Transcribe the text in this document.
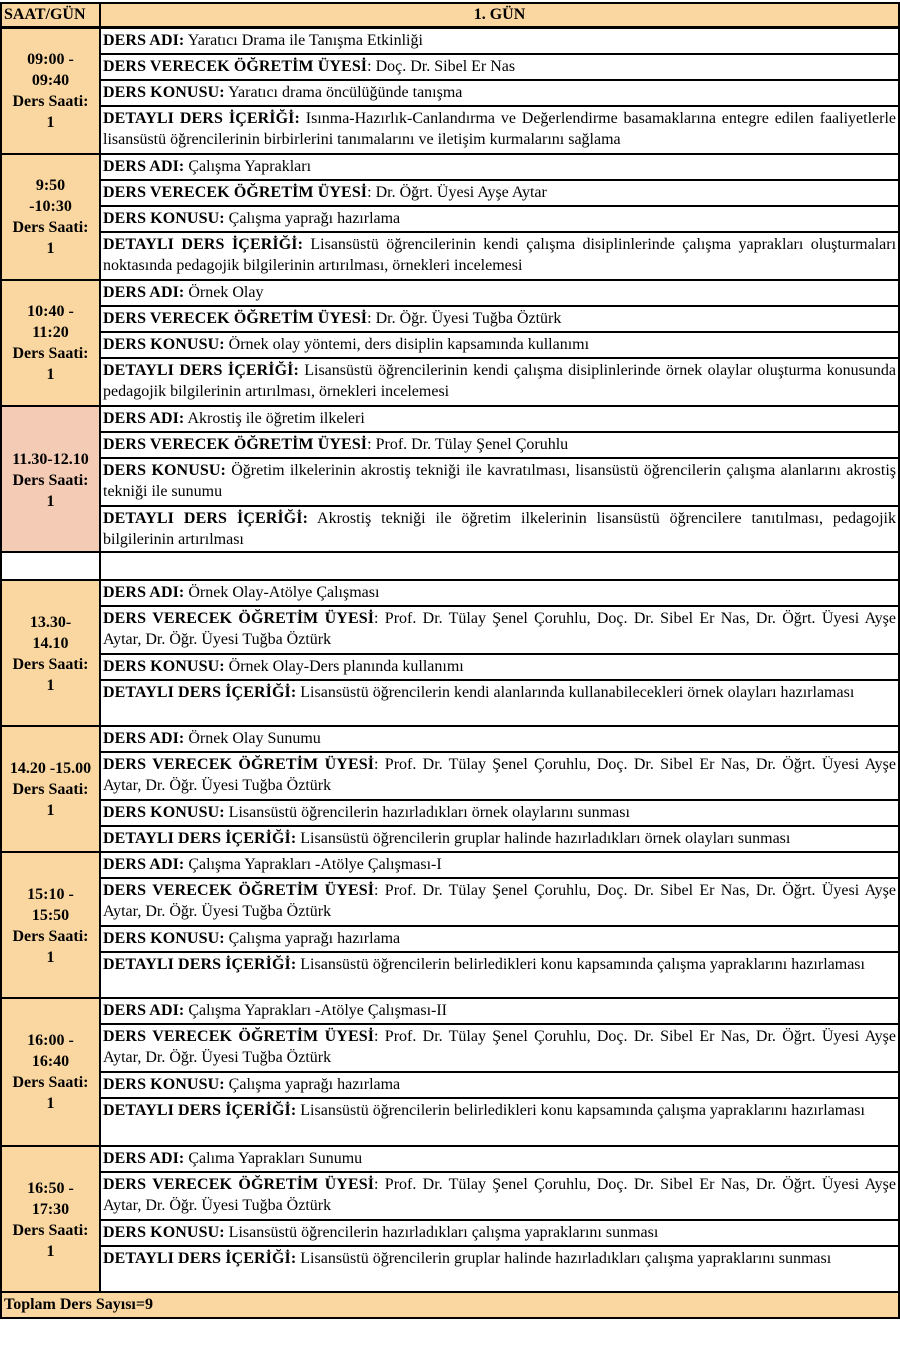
SAAT/GÜN	1. GÜN
09:00 -
09:40
Ders Saati:
1
DERS ADI: Yaratıcı Drama ile Tanışma Etkinliği
DERS VERECEK ÖĞRETİM ÜYESİ: Doç. Dr. Sibel Er Nas
DERS KONUSU: Yaratıcı drama öncülüğünde tanışma
DETAYLI DERS İÇERİĞİ: Isınma-Hazırlık-Canlandırma ve Değerlendirme basamaklarına entegre edilen faaliyetlerle lisansüstü öğrencilerinin birbirlerini tanımalarını ve iletişim kurmalarını sağlama
9:50
-10:30
Ders Saati:
1
DERS ADI: Çalışma Yaprakları
DERS VERECEK ÖĞRETİM ÜYESİ: Dr. Öğrt. Üyesi Ayşe Aytar
DERS KONUSU: Çalışma yaprağı hazırlama
DETAYLI DERS İÇERİĞİ: Lisansüstü öğrencilerinin kendi çalışma disiplinlerinde çalışma yaprakları oluşturmaları noktasında pedagojik bilgilerinin artırılması, örnekleri incelemesi
10:40 -
11:20
Ders Saati:
1
DERS ADI: Örnek Olay
DERS VERECEK ÖĞRETİM ÜYESİ: Dr. Öğr. Üyesi Tuğba Öztürk
DERS KONUSU: Örnek olay yöntemi, ders disiplin kapsamında kullanımı
DETAYLI DERS İÇERİĞİ: Lisansüstü öğrencilerinin kendi çalışma disiplinlerinde örnek olaylar oluşturma konusunda pedagojik bilgilerinin artırılması, örnekleri incelemesi
11.30-12.10
Ders Saati:
1
DERS ADI: Akrostiş ile öğretim ilkeleri
DERS VERECEK ÖĞRETİM ÜYESİ: Prof. Dr. Tülay Şenel Çoruhlu
DERS KONUSU: Öğretim ilkelerinin akrostiş tekniği ile kavratılması, lisansüstü öğrencilerin çalışma alanlarını akrostiş tekniği ile sunumu
DETAYLI DERS İÇERİĞİ: Akrostiş tekniği ile öğretim ilkelerinin lisansüstü öğrencilere tanıtılması, pedagojik bilgilerinin artırılması
13.30-
14.10
Ders Saati:
1
DERS ADI: Örnek Olay-Atölye Çalışması
DERS VERECEK ÖĞRETİM ÜYESİ: Prof. Dr. Tülay Şenel Çoruhlu, Doç. Dr. Sibel Er Nas, Dr. Öğrt. Üyesi Ayşe Aytar, Dr. Öğr. Üyesi Tuğba Öztürk
DERS KONUSU: Örnek Olay-Ders planında kullanımı
DETAYLI DERS İÇERİĞİ: Lisansüstü öğrencilerin kendi alanlarında kullanabilecekleri örnek olayları hazırlaması
14.20 -15.00
Ders Saati:
1
DERS ADI: Örnek Olay Sunumu
DERS VERECEK ÖĞRETİM ÜYESİ: Prof. Dr. Tülay Şenel Çoruhlu, Doç. Dr. Sibel Er Nas, Dr. Öğrt. Üyesi Ayşe Aytar, Dr. Öğr. Üyesi Tuğba Öztürk
DERS KONUSU: Lisansüstü öğrencilerin hazırladıkları örnek olaylarını sunması
DETAYLI DERS İÇERİĞİ: Lisansüstü öğrencilerin gruplar halinde hazırladıkları örnek olayları sunması
15:10 -
15:50
Ders Saati:
1
DERS ADI: Çalışma Yaprakları -Atölye Çalışması-I
DERS VERECEK ÖĞRETİM ÜYESİ: Prof. Dr. Tülay Şenel Çoruhlu, Doç. Dr. Sibel Er Nas, Dr. Öğrt. Üyesi Ayşe Aytar, Dr. Öğr. Üyesi Tuğba Öztürk
DERS KONUSU: Çalışma yaprağı hazırlama
DETAYLI DERS İÇERİĞİ: Lisansüstü öğrencilerin belirledikleri konu kapsamında çalışma yapraklarını hazırlaması
16:00 -
16:40
Ders Saati:
1
DERS ADI: Çalışma Yaprakları -Atölye Çalışması-II
DERS VERECEK ÖĞRETİM ÜYESİ: Prof. Dr. Tülay Şenel Çoruhlu, Doç. Dr. Sibel Er Nas, Dr. Öğrt. Üyesi Ayşe Aytar, Dr. Öğr. Üyesi Tuğba Öztürk
DERS KONUSU: Çalışma yaprağı hazırlama
DETAYLI DERS İÇERİĞİ: Lisansüstü öğrencilerin belirledikleri konu kapsamında çalışma yapraklarını hazırlaması
16:50 -
17:30
Ders Saati:
1
DERS ADI: Çalıma Yaprakları Sunumu
DERS VERECEK ÖĞRETİM ÜYESİ: Prof. Dr. Tülay Şenel Çoruhlu, Doç. Dr. Sibel Er Nas, Dr. Öğrt. Üyesi Ayşe Aytar, Dr. Öğr. Üyesi Tuğba Öztürk
DERS KONUSU: Lisansüstü öğrencilerin hazırladıkları çalışma yapraklarını sunması
DETAYLI DERS İÇERİĞİ: Lisansüstü öğrencilerin gruplar halinde hazırladıkları çalışma yapraklarını sunması
Toplam Ders Sayısı=9
